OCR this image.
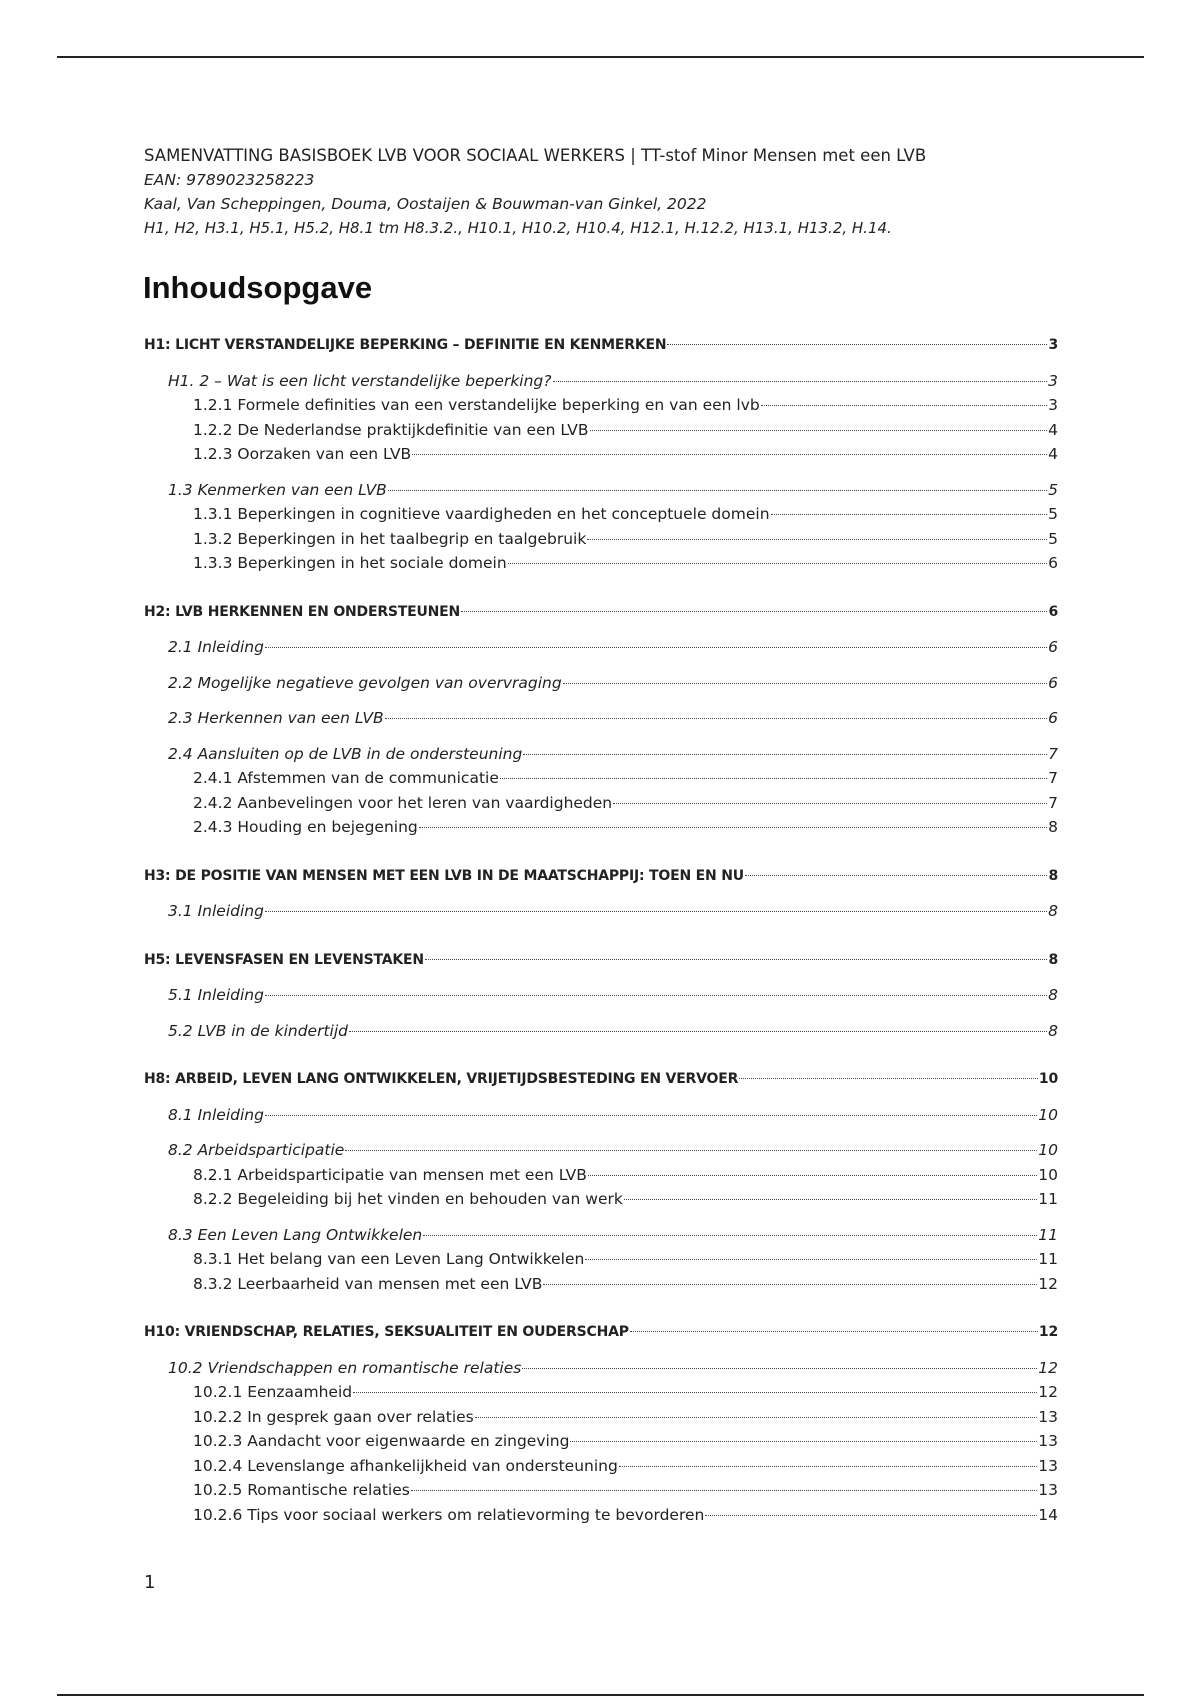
SAMENVATTING BASISBOEK LVB VOOR SOCIAAL WERKERS | TT-stof Minor Mensen met een LVB
EAN: 9789023258223
Kaal, Van Scheppingen, Douma, Oostaijen & Bouwman-van Ginkel, 2022
H1, H2, H3.1, H5.1, H5.2, H8.1 tm H8.3.2., H10.1, H10.2, H10.4, H12.1, H.12.2, H13.1, H13.2, H.14.
Inhoudsopgave
H1: LICHT VERSTANDELIJKE BEPERKING – DEFINITIE EN KENMERKEN	3
H1. 2 – Wat is een licht verstandelijke beperking?	3
1.2.1 Formele definities van een verstandelijke beperking en van een lvb	3
1.2.2 De Nederlandse praktijkdefinitie van een LVB	4
1.2.3 Oorzaken van een LVB	4
1.3 Kenmerken van een LVB	5
1.3.1 Beperkingen in cognitieve vaardigheden en het conceptuele domein	5
1.3.2 Beperkingen in het taalbegrip en taalgebruik	5
1.3.3 Beperkingen in het sociale domein	6
H2: LVB HERKENNEN EN ONDERSTEUNEN	6
2.1 Inleiding	6
2.2 Mogelijke negatieve gevolgen van overvraging	6
2.3 Herkennen van een LVB	6
2.4 Aansluiten op de LVB in de ondersteuning	7
2.4.1 Afstemmen van de communicatie	7
2.4.2 Aanbevelingen voor het leren van vaardigheden	7
2.4.3 Houding en bejegening	8
H3: DE POSITIE VAN MENSEN MET EEN LVB IN DE MAATSCHAPPIJ: TOEN EN NU	8
3.1 Inleiding	8
H5: LEVENSFASEN EN LEVENSTAKEN	8
5.1 Inleiding	8
5.2 LVB in de kindertijd	8
H8: ARBEID, LEVEN LANG ONTWIKKELEN, VRIJETIJDSBESTEDING EN VERVOER	10
8.1 Inleiding	10
8.2 Arbeidsparticipatie	10
8.2.1 Arbeidsparticipatie van mensen met een LVB	10
8.2.2 Begeleiding bij het vinden en behouden van werk	11
8.3 Een Leven Lang Ontwikkelen	11
8.3.1 Het belang van een Leven Lang Ontwikkelen	11
8.3.2 Leerbaarheid van mensen met een LVB	12
H10: VRIENDSCHAP, RELATIES, SEKSUALITEIT EN OUDERSCHAP	12
10.2 Vriendschappen en romantische relaties	12
10.2.1 Eenzaamheid	12
10.2.2 In gesprek gaan over relaties	13
10.2.3 Aandacht voor eigenwaarde en zingeving	13
10.2.4 Levenslange afhankelijkheid van ondersteuning	13
10.2.5 Romantische relaties	13
10.2.6 Tips voor sociaal werkers om relatievorming te bevorderen	14
1
